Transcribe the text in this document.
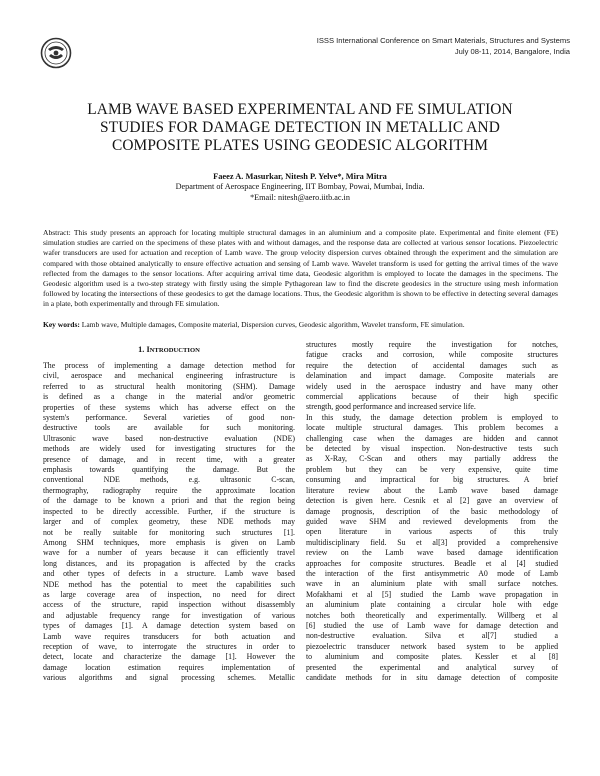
ISSS International Conference on Smart Materials, Structures and Systems
July 08-11, 2014, Bangalore, India
LAMB WAVE BASED EXPERIMENTAL AND FE SIMULATION
STUDIES FOR DAMAGE DETECTION IN METALLIC AND
COMPOSITE PLATES USING GEODESIC ALGORITHM
Faeez A. Masurkar, Nitesh P. Yelve*, Mira Mitra
Department of Aerospace Engineering, IIT Bombay, Powai, Mumbai, India.
*Email: nitesh@aero.iitb.ac.in
Abstract: This study presents an approach for locating multiple structural damages in an aluminium and a composite plate. Experimental and finite element (FE) simulation studies are carried on the specimens of these plates with and without damages, and the response data are collected at various sensor locations. Piezoelectric wafer transducers are used for actuation and reception of Lamb wave. The group velocity dispersion curves obtained through the experiment and the simulation are compared with those obtained analytically to ensure effective actuation and sensing of Lamb wave. Wavelet transform is used for getting the arrival times of the wave reflected from the damages to the sensor locations. After acquiring arrival time data, Geodesic algorithm is employed to locate the damages in the specimens. The Geodesic algorithm used is a two-step strategy with firstly using the simple Pythagorean law to find the discrete geodesics in the structure using mesh information followed by locating the intersections of these geodesics to get the damage locations. Thus, the Geodesic algorithm is shown to be effective in detecting several damages in a plate, both experimentally and through FE simulation.
Key words: Lamb wave, Multiple damages, Composite material, Dispersion curves, Geodesic algorithm, Wavelet transform, FE simulation.
1. INTRODUCTION
The process of implementing a damage detection method for
civil, aerospace and mechanical engineering infrastructure is
referred to as structural health monitoring (SHM). Damage
is defined as a change in the material and/or geometric
properties of these systems which has adverse effect on the
system's performance. Several varieties of good non-
destructive tools are available for such monitoring.
Ultrasonic wave based non-destructive evaluation (NDE)
methods are widely used for investigating structures for the
presence of damage, and in recent time, with a greater
emphasis towards quantifying the damage. But the
conventional NDE methods, e.g. ultrasonic C-scan,
thermography, radiography require the approximate location
of the damage to be known a priori and that the region being
inspected to be directly accessible. Further, if the structure is
larger and of complex geometry, these NDE methods may
not be really suitable for monitoring such structures [1].
Among SHM techniques, more emphasis is given on Lamb
wave for a number of years because it can efficiently travel
long distances, and its propagation is affected by the cracks
and other types of defects in a structure. Lamb wave based
NDE method has the potential to meet the capabilities such
as large coverage area of inspection, no need for direct
access of the structure, rapid inspection without disassembly
and adjustable frequency range for investigation of various
types of damages [1]. A damage detection system based on
Lamb wave requires transducers for both actuation and
reception of wave, to interrogate the structures in order to
detect, locate and characterize the damage [1]. However the
damage location estimation requires implementation of
various algorithms and signal processing schemes. Metallic
structures mostly require the investigation for notches,
fatigue cracks and corrosion, while composite structures
require the detection of accidental damages such as
delamination and impact damage. Composite materials are
widely used in the aerospace industry and have many other
commercial applications because of their high specific
strength, good performance and increased service life.
In this study, the damage detection problem is employed to
locate multiple structural damages. This problem becomes a
challenging case when the damages are hidden and cannot
be detected by visual inspection. Non-destructive tests such
as X-Ray, C-Scan and others may partially address the
problem but they can be very expensive, quite time
consuming and impractical for big structures. A brief
literature review about the Lamb wave based damage
detection is given here. Cesnik et al [2] gave an overview of
damage prognosis, description of the basic methodology of
guided wave SHM and reviewed developments from the
open literature in various aspects of this truly
multidisciplinary field. Su et al[3] provided a comprehensive
review on the Lamb wave based damage identification
approaches for composite structures. Beadle et al [4] studied
the interaction of the first antisymmetric A0 mode of Lamb
wave in an aluminium plate with small surface notches.
Mofakhami et al [5] studied the Lamb wave propagation in
an aluminium plate containing a circular hole with edge
notches both theoretically and experimentally. Willberg et al
[6] studied the use of Lamb wave for damage detection and
non-destructive evaluation. Silva et al[7] studied a
piezoelectric transducer network based system to be applied
to aluminium and composite plates. Kessler et al [8]
presented the experimental and analytical survey of
candidate methods for in situ damage detection of composite
